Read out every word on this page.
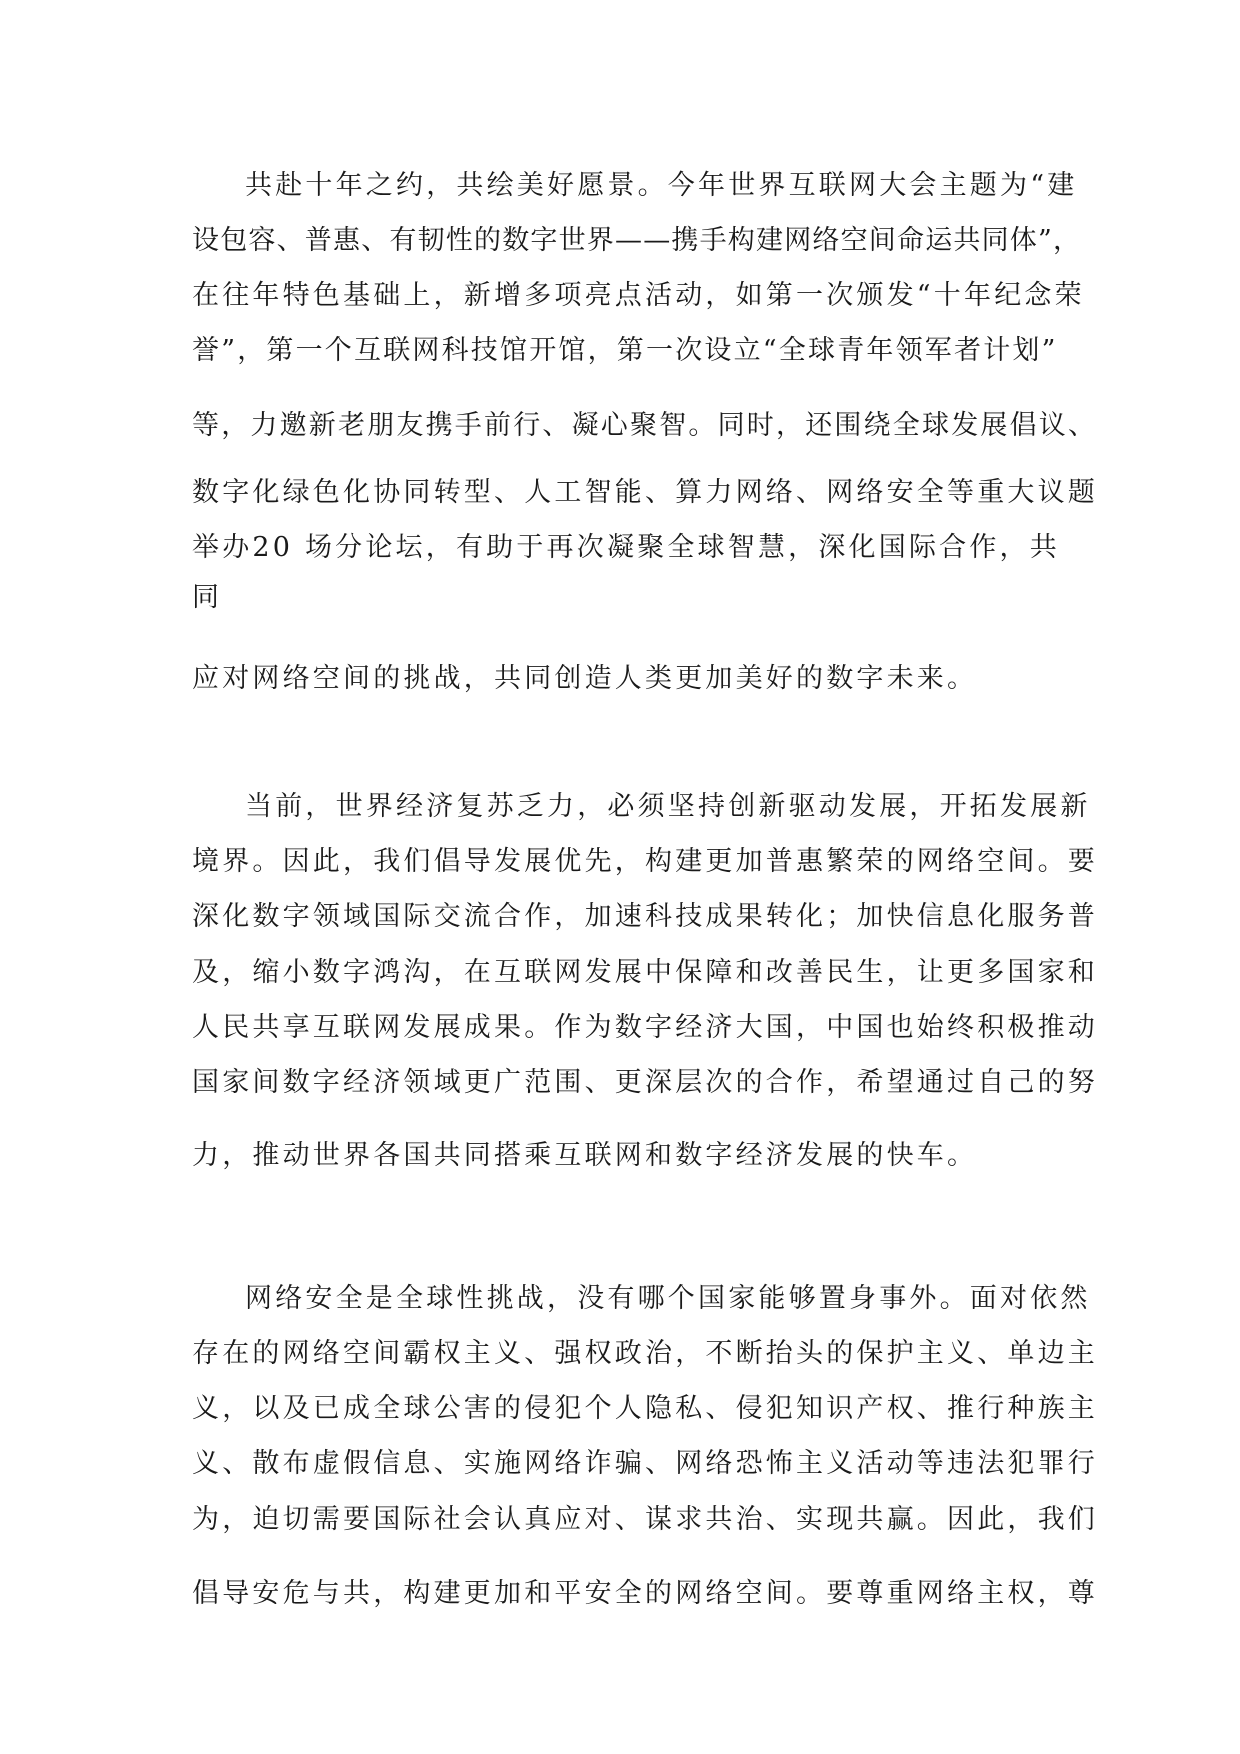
共赴十年之约，共绘美好愿景。今年世界互联网大会主题为“建
设包容、普惠、有韧性的数字世界——携手构建网络空间命运共同体”，
在往年特色基础上，新增多项亮点活动，如第一次颁发“十年纪念荣
誉”，第一个互联网科技馆开馆，第一次设立“全球青年领军者计划”
等，力邀新老朋友携手前行、凝心聚智。同时，还围绕全球发展倡议、
数字化绿色化协同转型、人工智能、算力网络、网络安全等重大议题
举办20 场分论坛，有助于再次凝聚全球智慧，深化国际合作，共
同
应对网络空间的挑战，共同创造人类更加美好的数字未来。
当前，世界经济复苏乏力，必须坚持创新驱动发展，开拓发展新
境界。因此，我们倡导发展优先，构建更加普惠繁荣的网络空间。要
深化数字领域国际交流合作，加速科技成果转化；加快信息化服务普
及，缩小数字鸿沟，在互联网发展中保障和改善民生，让更多国家和
人民共享互联网发展成果。作为数字经济大国，中国也始终积极推动
国家间数字经济领域更广范围、更深层次的合作，希望通过自己的努
力，推动世界各国共同搭乘互联网和数字经济发展的快车。
网络安全是全球性挑战，没有哪个国家能够置身事外。面对依然
存在的网络空间霸权主义、强权政治，不断抬头的保护主义、单边主
义，以及已成全球公害的侵犯个人隐私、侵犯知识产权、推行种族主
义、散布虚假信息、实施网络诈骗、网络恐怖主义活动等违法犯罪行
为，迫切需要国际社会认真应对、谋求共治、实现共赢。因此，我们
倡导安危与共，构建更加和平安全的网络空间。要尊重网络主权，尊
